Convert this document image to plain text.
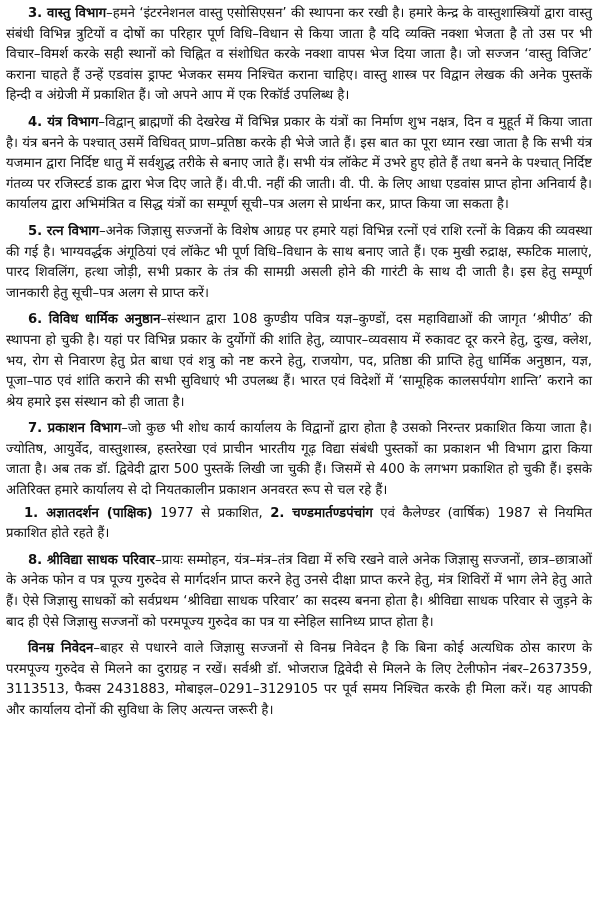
3. वास्तु विभाग–हमने ‘इंटरनेशनल वास्तु एसोसिएसन’ की स्थापना कर रखी है। हमारे केन्द्र के वास्तुशास्त्रियों द्वारा वास्तु संबंधी विभिन्न त्रुटियों व दोषों का परिहार पूर्ण विधि–विधान से किया जाता है यदि व्यक्ति नक्शा भेजता है तो उस पर भी विचार–विमर्श करके सही स्थानों को चिह्नित व संशोधित करके नक्शा वापस भेज दिया जाता है। जो सज्जन ‘वास्तु विजिट’ कराना चाहते हैं उन्हें एडवांस ड्राफ्ट भेजकर समय निश्चित कराना चाहिए। वास्तु शास्त्र पर विद्वान लेखक की अनेक पुस्तकें हिन्दी व अंग्रेजी में प्रकाशित हैं। जो अपने आप में एक रिकॉर्ड उपलिब्ध है।

4. यंत्र विभाग–विद्वान् ब्राह्मणों की देखरेख में विभिन्न प्रकार के यंत्रों का निर्माण शुभ नक्षत्र, दिन व मुहूर्त में किया जाता है। यंत्र बनने के पश्चात् उसमें विधिवत् प्राण–प्रतिष्ठा करके ही भेजे जाते हैं। इस बात का पूरा ध्यान रखा जाता है कि सभी यंत्र यजमान द्वारा निर्दिष्ट धातु में सर्वशुद्ध तरीके से बनाए जाते हैं। सभी यंत्र लॉकेट में उभरे हुए होते हैं तथा बनने के पश्चात् निर्दिष्ट गंतव्य पर रजिस्टर्ड डाक द्वारा भेज दिए जाते हैं। वी.पी. नहीं की जाती। वी. पी. के लिए आधा एडवांस प्राप्त होना अनिवार्य है। कार्यालय द्वारा अभिमंत्रित व सिद्ध यंत्रों का सम्पूर्ण सूची–पत्र अलग से प्रार्थना कर, प्राप्त किया जा सकता है।

5. रत्न विभाग–अनेक जिज्ञासु सज्जनों के विशेष आग्रह पर हमारे यहां विभिन्न रत्नों एवं राशि रत्नों के विक्रय की व्यवस्था की गई है। भाग्यवर्द्धक अंगूठियां एवं लॉकेट भी पूर्ण विधि–विधान के साथ बनाए जाते हैं। एक मुखी रुद्राक्ष, स्फटिक मालाएं, पारद शिवलिंग, हत्था जोड़ी, सभी प्रकार के तंत्र की सामग्री असली होने की गारंटी के साथ दी जाती है। इस हेतु सम्पूर्ण जानकारी हेतु सूची–पत्र अलग से प्राप्त करें।

6. विविध धार्मिक अनुष्ठान–संस्थान द्वारा 108 कुण्डीय पवित्र यज्ञ–कुण्डों, दस महाविद्याओं की जागृत ‘श्रीपीठ’ की स्थापना हो चुकी है। यहां पर विभिन्न प्रकार के दुर्योगों की शांति हेतु, व्यापार–व्यवसाय में रुकावट दूर करने हेतु, दुःख, क्लेश, भय, रोग से निवारण हेतु प्रेत बाधा एवं शत्रु को नष्ट करने हेतु, राजयोग, पद, प्रतिष्ठा की प्राप्ति हेतु धार्मिक अनुष्ठान, यज्ञ, पूजा–पाठ एवं शांति कराने की सभी सुविधाएं भी उपलब्ध हैं। भारत एवं विदेशों में ‘सामूहिक कालसर्पयोग शान्ति’ कराने का श्रेय हमारे इस संस्थान को ही जाता है।

7. प्रकाशन विभाग–जो कुछ भी शोध कार्य कार्यालय के विद्वानों द्वारा होता है उसको निरन्तर प्रकाशित किया जाता है। ज्योतिष, आयुर्वेद, वास्तुशास्त्र, हस्तरेखा एवं प्राचीन भारतीय गूढ़ विद्या संबंधी पुस्तकों का प्रकाशन भी विभाग द्वारा किया जाता है। अब तक डॉ. द्विवेदी द्वारा 500 पुस्तकें लिखी जा चुकी हैं। जिसमें से 400 के लगभग प्रकाशित हो चुकी हैं। इसके अतिरिक्त हमारे कार्यालय से दो नियतकालीन प्रकाशन अनवरत रूप से चल रहे हैं।

1. अज्ञातदर्शन (पाक्षिक) 1977 से प्रकाशित, 2. चण्डमार्तण्डपंचांग एवं कैलेण्डर (वार्षिक) 1987 से नियमित प्रकाशित होते रहते हैं।

8. श्रीविद्या साधक परिवार–प्रायः सम्मोहन, यंत्र–मंत्र–तंत्र विद्या में रुचि रखने वाले अनेक जिज्ञासु सज्जनों, छात्र–छात्राओं के अनेक फोन व पत्र पूज्य गुरुदेव से मार्गदर्शन प्राप्त करने हेतु उनसे दीक्षा प्राप्त करने हेतु, मंत्र शिविरों में भाग लेने हेतु आते हैं। ऐसे जिज्ञासु साधकों को सर्वप्रथम ‘श्रीविद्या साधक परिवार’ का सदस्य बनना होता है। श्रीविद्या साधक परिवार से जुड़ने के बाद ही ऐसे जिज्ञासु सज्जनों को परमपूज्य गुरुदेव का पत्र या स्नेहिल सानिध्य प्राप्त होता है।

विनम्र निवेदन–बाहर से पधारने वाले जिज्ञासु सज्जनों से विनम्र निवेदन है कि बिना कोई अत्यधिक ठोस कारण के परमपूज्य गुरुदेव से मिलने का दुराग्रह न रखें। सर्वश्री डॉ. भोजराज द्विवेदी से मिलने के लिए टेलीफोन नंबर–2637359, 3113513, फैक्स 2431883, मोबाइल–0291–3129105 पर पूर्व समय निश्चित करके ही मिला करें। यह आपकी और कार्यालय दोनों की सुविधा के लिए अत्यन्त जरूरी है।
